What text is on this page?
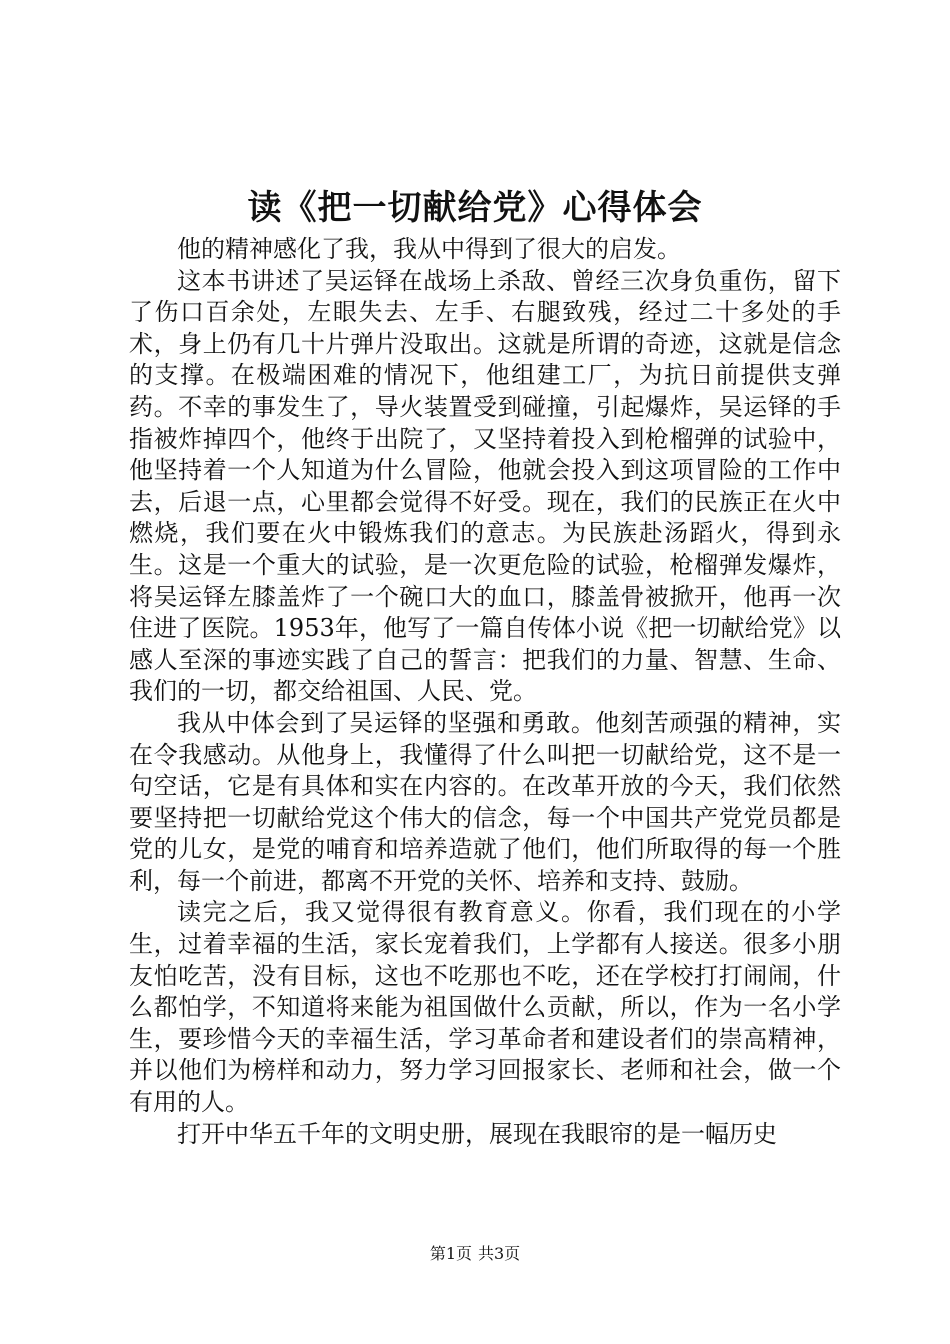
读《把一切献给党》心得体会

他的精神感化了我，我从中得到了很大的启发。

这本书讲述了吴运铎在战场上杀敌、曾经三次身负重伤，留下了伤口百余处，左眼失去、左手、右腿致残，经过二十多处的手术，身上仍有几十片弹片没取出。这就是所谓的奇迹，这就是信念的支撑。在极端困难的情况下，他组建工厂，为抗日前提供支弹药。不幸的事发生了，导火装置受到碰撞，引起爆炸，吴运铎的手指被炸掉四个，他终于出院了，又坚持着投入到枪榴弹的试验中，他坚持着一个人知道为什么冒险，他就会投入到这项冒险的工作中去，后退一点，心里都会觉得不好受。现在，我们的民族正在火中燃烧，我们要在火中锻炼我们的意志。为民族赴汤蹈火，得到永生。这是一个重大的试验，是一次更危险的试验，枪榴弹发爆炸，将吴运铎左膝盖炸了一个碗口大的血口，膝盖骨被掀开，他再一次住进了医院。1953年，他写了一篇自传体小说《把一切献给党》以感人至深的事迹实践了自己的誓言：把我们的力量、智慧、生命、我们的一切，都交给祖国、人民、党。

我从中体会到了吴运铎的坚强和勇敢。他刻苦顽强的精神，实在令我感动。从他身上，我懂得了什么叫把一切献给党，这不是一句空话，它是有具体和实在内容的。在改革开放的今天，我们依然要坚持把一切献给党这个伟大的信念，每一个中国共产党党员都是党的儿女，是党的哺育和培养造就了他们，他们所取得的每一个胜利，每一个前进，都离不开党的关怀、培养和支持、鼓励。

读完之后，我又觉得很有教育意义。你看，我们现在的小学生，过着幸福的生活，家长宠着我们，上学都有人接送。很多小朋友怕吃苦，没有目标，这也不吃那也不吃，还在学校打打闹闹，什么都怕学，不知道将来能为祖国做什么贡献，所以，作为一名小学生，要珍惜今天的幸福生活，学习革命者和建设者们的崇高精神，并以他们为榜样和动力，努力学习回报家长、老师和社会，做一个有用的人。

打开中华五千年的文明史册，展现在我眼帘的是一幅历史

第1页 共3页
